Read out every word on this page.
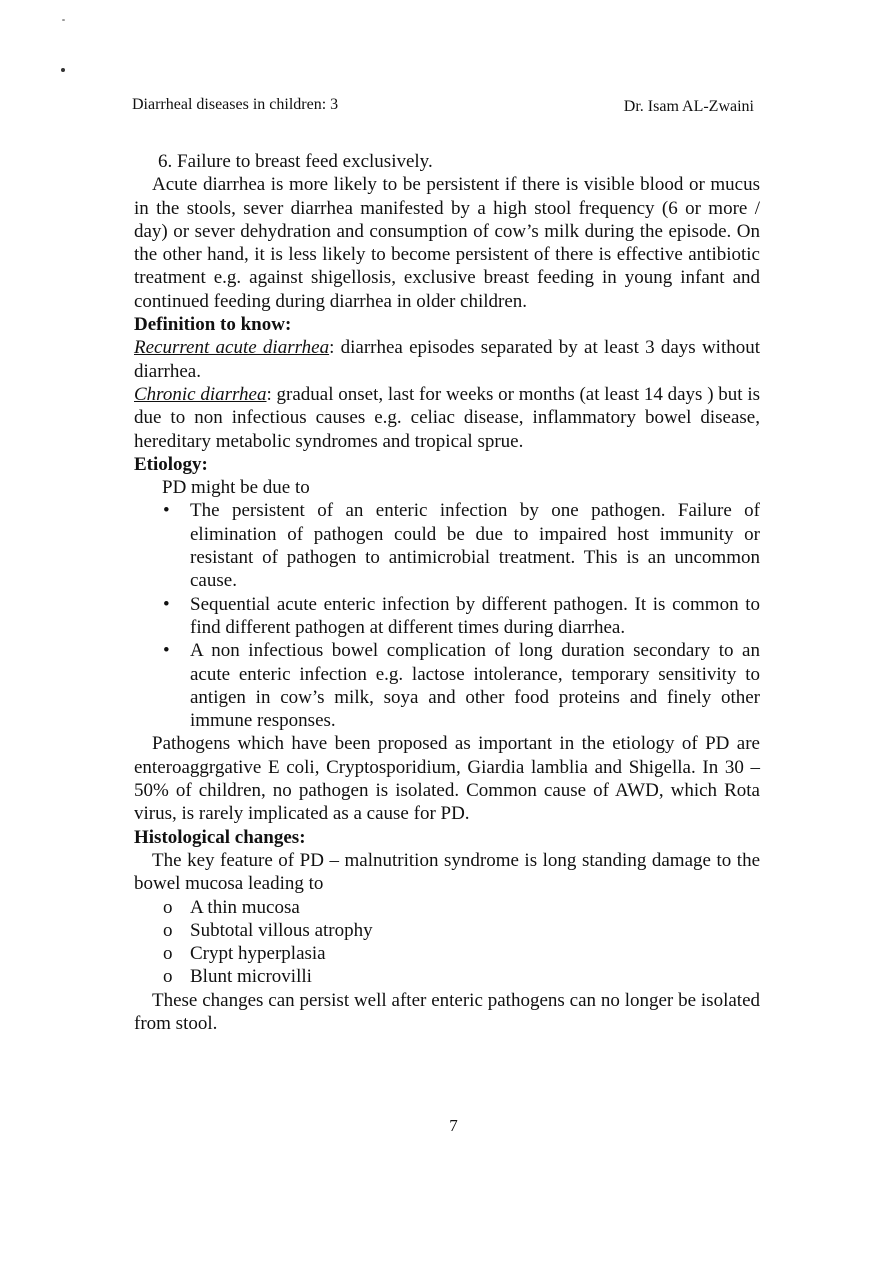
Diarrheal diseases in children: 3	Dr. Isam AL-Zwaini

6. Failure to breast feed exclusively.

Acute diarrhea is more likely to be persistent if there is visible blood or mucus in the stools, sever diarrhea manifested by a high stool frequency (6 or more / day) or sever dehydration and consumption of cow’s milk during the episode. On the other hand, it is less likely to become persistent of there is effective antibiotic treatment e.g. against shigellosis, exclusive breast feeding in young infant and continued feeding during diarrhea in older children.

Definition to know:

Recurrent acute diarrhea: diarrhea episodes separated by at least 3 days without diarrhea.

Chronic diarrhea: gradual onset, last for weeks or months (at least 14 days ) but is due to non infectious causes e.g. celiac disease, inflammatory bowel disease, hereditary metabolic syndromes and tropical sprue.

Etiology:

PD might be due to

• The persistent of an enteric infection by one pathogen. Failure of elimination of pathogen could be due to impaired host immunity or resistant of pathogen to antimicrobial treatment. This is an uncommon cause.
• Sequential acute enteric infection by different pathogen. It is common to find different pathogen at different times during diarrhea.
• A non infectious bowel complication of long duration secondary to an acute enteric infection e.g. lactose intolerance, temporary sensitivity to antigen in cow’s milk, soya and other food proteins and finely other immune responses.

Pathogens which have been proposed as important in the etiology of PD are enteroaggrgative E coli, Cryptosporidium, Giardia lamblia and Shigella. In 30 – 50% of children, no pathogen is isolated. Common cause of AWD, which Rota virus, is rarely implicated as a cause for PD.

Histological changes:

The key feature of PD – malnutrition syndrome is long standing damage to the bowel mucosa leading to

o A thin mucosa
o Subtotal villous atrophy
o Crypt hyperplasia
o Blunt microvilli

These changes can persist well after enteric pathogens can no longer be isolated from stool.

7
